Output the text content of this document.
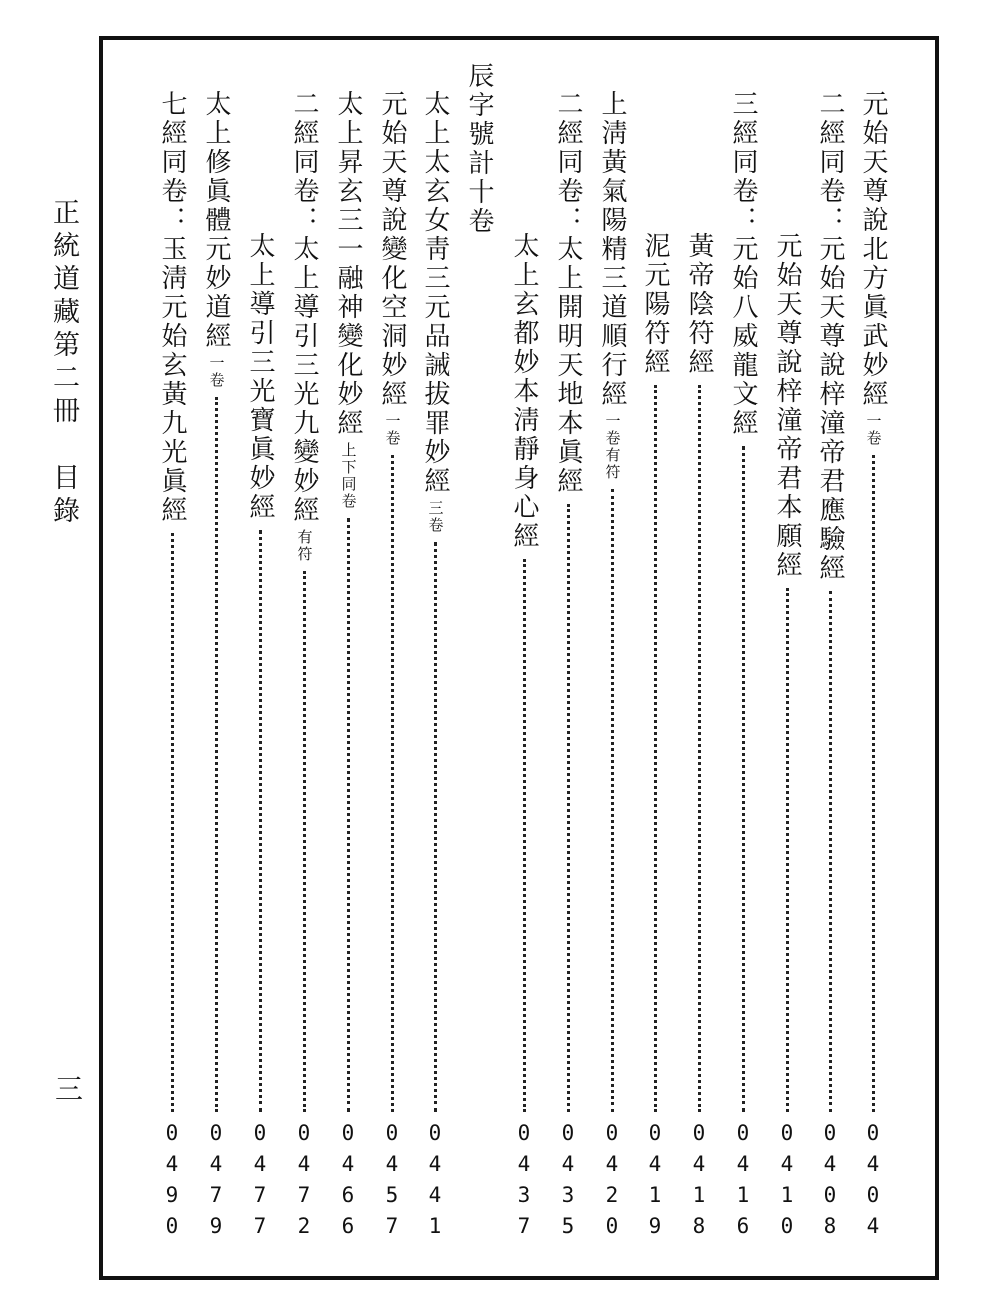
正統道藏第二冊
目錄
三
元始天尊說北方眞武妙經
一卷
0
4
0
4
二經同卷：元始天尊說梓潼帝君應驗經
0
4
0
8
元始天尊說梓潼帝君本願經
0
4
1
0
三經同卷：元始八威龍文經
0
4
1
6
黃帝陰符經
0
4
1
8
泥元陽符經
0
4
1
9
上淸黃氣陽精三道順行經
一卷有符
0
4
2
0
二經同卷：太上開明天地本眞經
0
4
3
5
太上玄都妙本淸靜身心經
0
4
3
7
辰字號計十卷
太上太玄女靑三元品誡拔罪妙經
三卷
0
4
4
1
元始天尊說變化空洞妙經
一卷
0
4
5
7
太上昇玄三一融神變化妙經
上下同卷
0
4
6
6
二經同卷：太上導引三光九變妙經
有符
0
4
7
2
太上導引三光寶眞妙經
0
4
7
7
太上修眞體元妙道經
一卷
0
4
7
9
七經同卷：玉淸元始玄黃九光眞經
0
4
9
0
